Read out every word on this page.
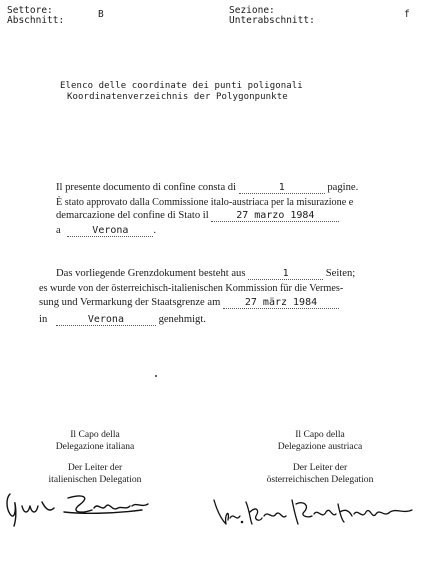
Settore:
Abschnitt:
B	Sezione:
Unterabschnitt:
f
Elenco delle coordinate dei punti poligonali
Koordinatenverzeichnis der Polygonpunkte
Il presente documento di confine consta di	1	pagine.
È stato approvato dalla Commissione italo-austriaca per la misurazione e
demarcazione del confine di Stato il	27 marzo 1984
a	Verona .
Das vorliegende Grenzdokument besteht aus	1	Seiten;
es wurde von der österreichisch-italienischen Kommission für die Vermes-
sung und Vermarkung der Staatsgrenze am 27 märz 1984
in	Verona	genehmigt.
Il Capo della
Delegazione italiana
Der Leiter der
italienischen Delegation
Il Capo della
Delegazione austriaca
Der Leiter der
österreichischen Delegation
